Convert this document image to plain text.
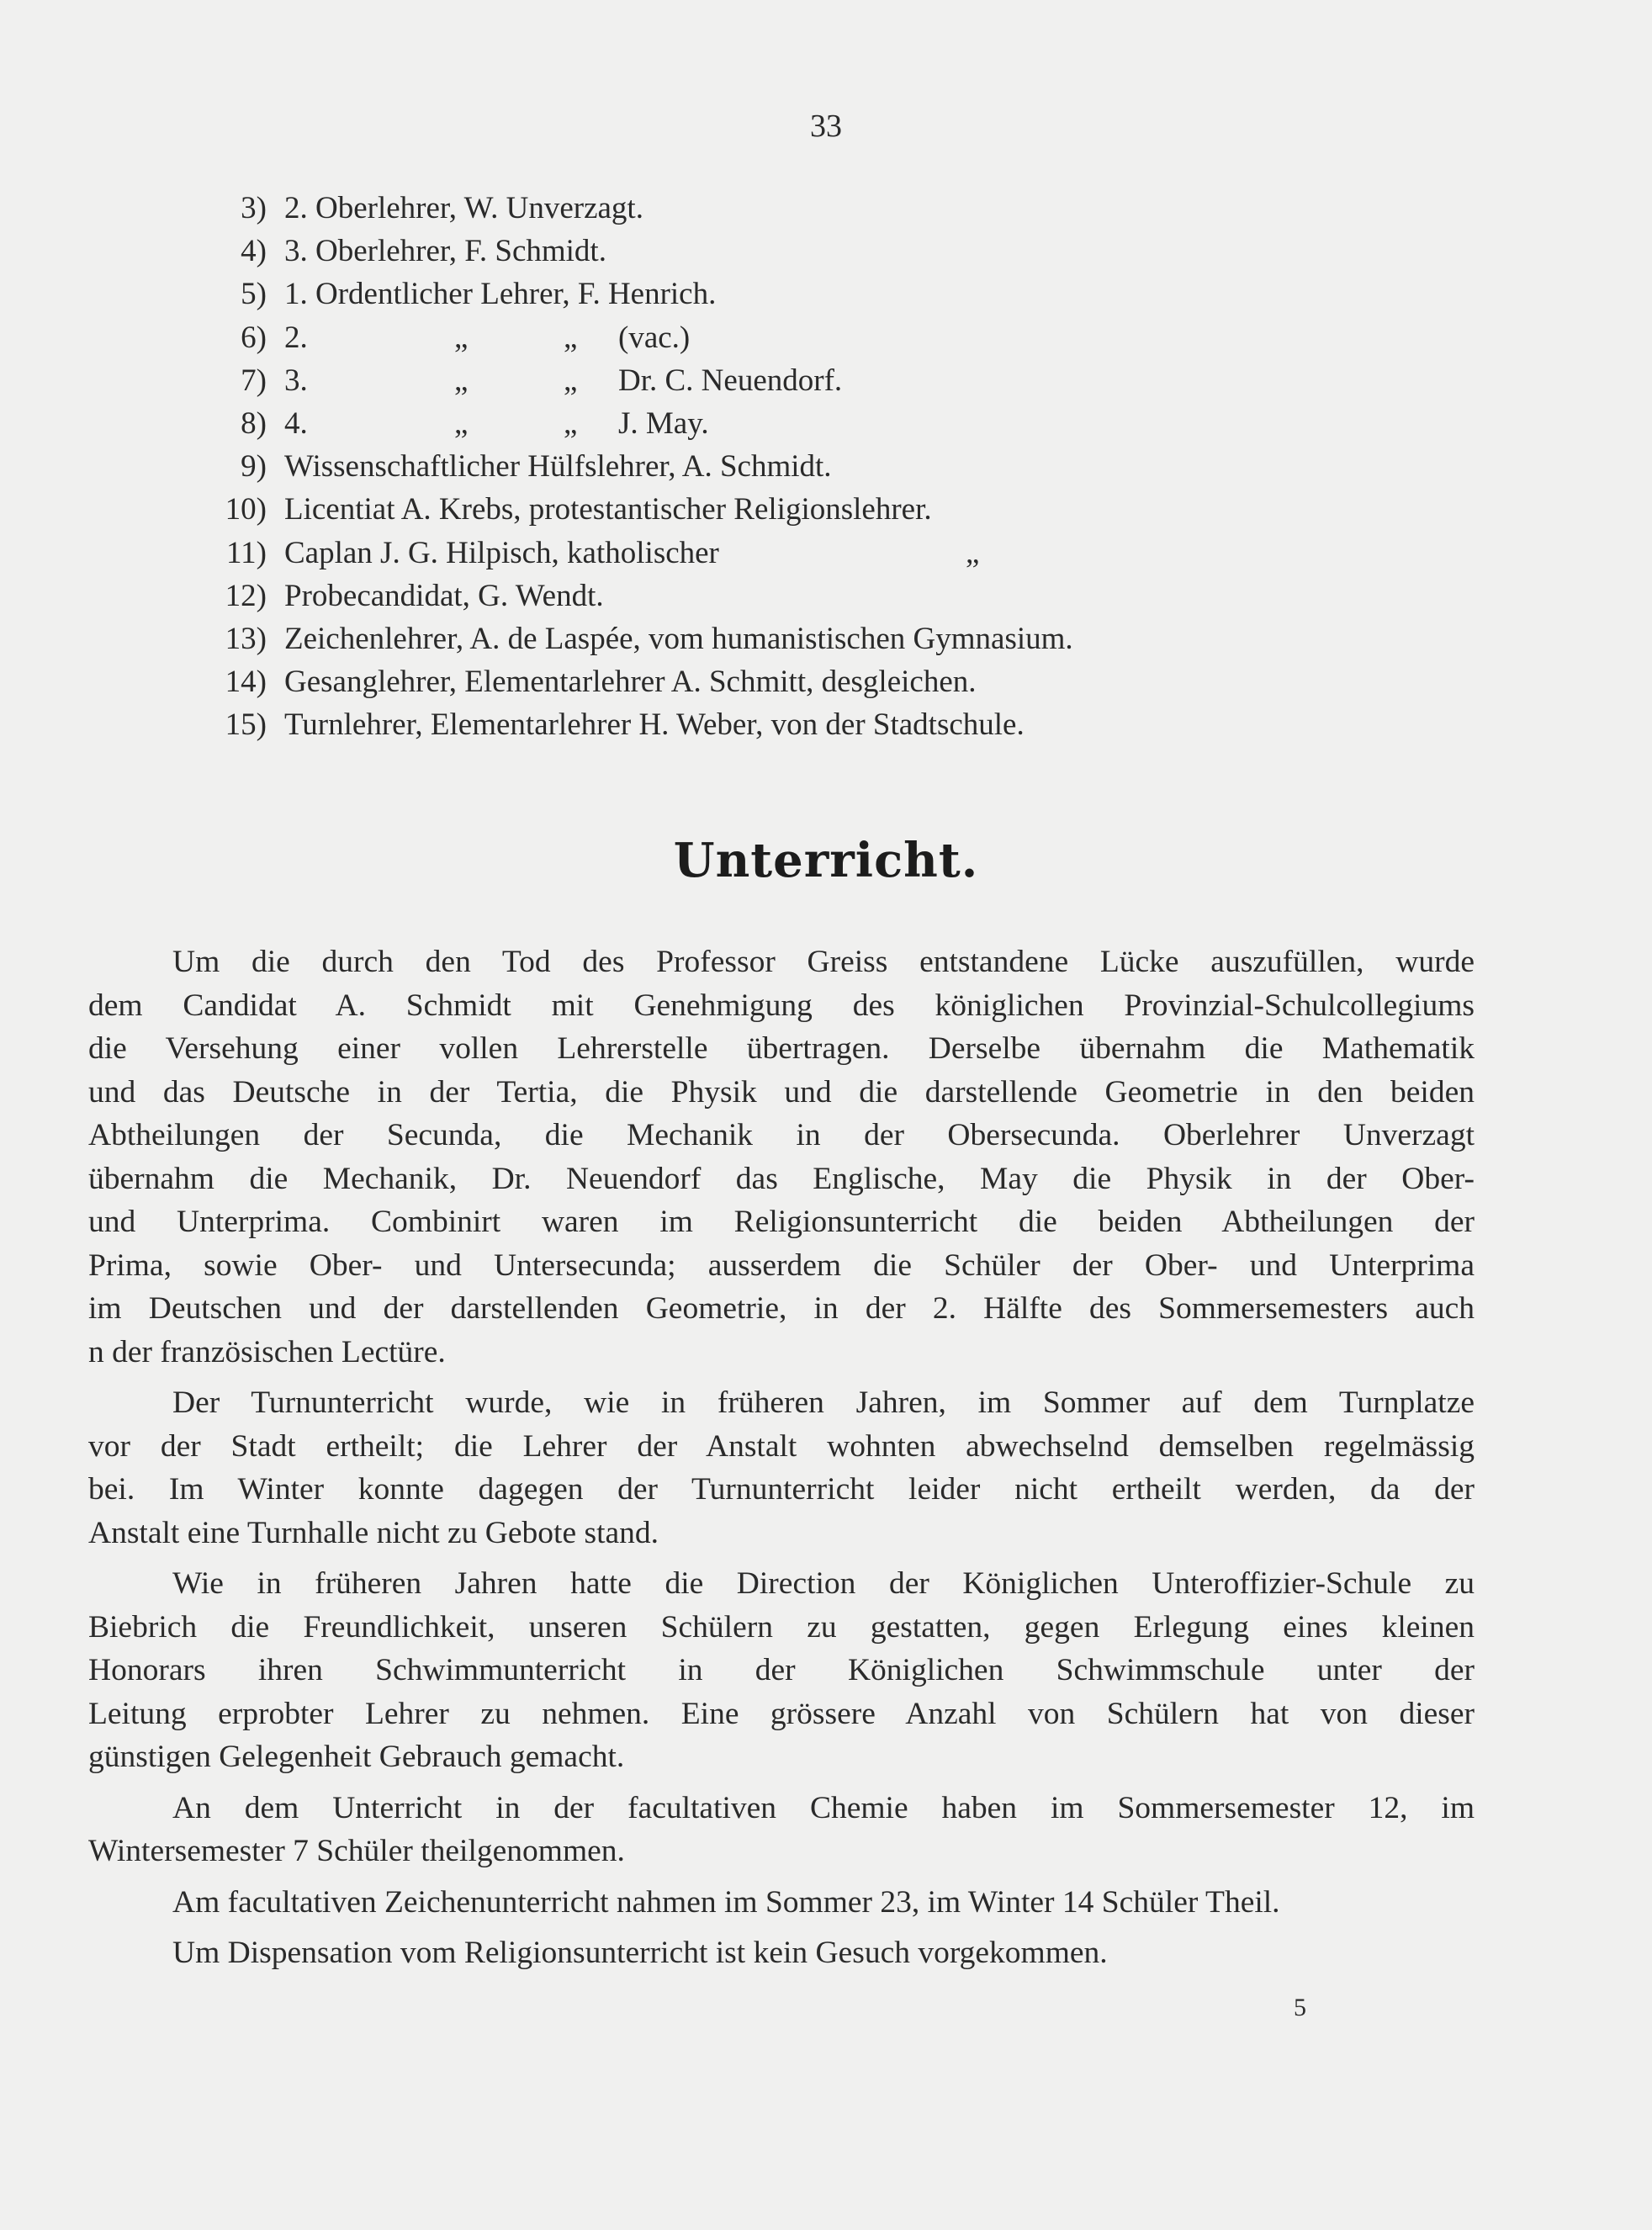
33
3) 2. Oberlehrer, W. Unverzagt.
4) 3. Oberlehrer, F. Schmidt.
5) 1. Ordentlicher Lehrer, F. Henrich.
6) 2.	„	„ (vac.)
7) 3.	„	„ Dr. C. Neuendorf.
8) 4.	„	„ J. May.
9) Wissenschaftlicher Hülfslehrer, A. Schmidt.
10) Licentiat A. Krebs, protestantischer Religionslehrer.
11) Caplan J. G. Hilpisch, katholischer	„
12) Probecandidat, G. Wendt.
13) Zeichenlehrer, A. de Laspée, vom humanistischen Gymnasium.
14) Gesanglehrer, Elementarlehrer A. Schmitt, desgleichen.
15) Turnlehrer, Elementarlehrer H. Weber, von der Stadtschule.
Unterricht.
Um die durch den Tod des Professor Greiss entstandene Lücke auszufüllen, wurde
dem Candidat A. Schmidt mit Genehmigung des königlichen Provinzial-Schulcollegiums
die Versehung einer vollen Lehrerstelle übertragen. Derselbe übernahm die Mathematik
und das Deutsche in der Tertia, die Physik und die darstellende Geometrie in den beiden
Abtheilungen der Secunda, die Mechanik in der Obersecunda. Oberlehrer Unverzagt
übernahm die Mechanik, Dr. Neuendorf das Englische, May die Physik in der Ober-
und Unterprima. Combinirt waren im Religionsunterricht die beiden Abtheilungen der
Prima, sowie Ober- und Untersecunda; ausserdem die Schüler der Ober- und Unterprima
im Deutschen und der darstellenden Geometrie, in der 2. Hälfte des Sommersemesters auch
n der französischen Lectüre.
Der Turnunterricht wurde, wie in früheren Jahren, im Sommer auf dem Turnplatze
vor der Stadt ertheilt; die Lehrer der Anstalt wohnten abwechselnd demselben regelmässig
bei. Im Winter konnte dagegen der Turnunterricht leider nicht ertheilt werden, da der
Anstalt eine Turnhalle nicht zu Gebote stand.
Wie in früheren Jahren hatte die Direction der Königlichen Unteroffizier-Schule zu
Biebrich die Freundlichkeit, unseren Schülern zu gestatten, gegen Erlegung eines kleinen
Honorars ihren Schwimmunterricht in der Königlichen Schwimmschule unter der
Leitung erprobter Lehrer zu nehmen. Eine grössere Anzahl von Schülern hat von dieser
günstigen Gelegenheit Gebrauch gemacht.
An dem Unterricht in der facultativen Chemie haben im Sommersemester 12, im
Wintersemester 7 Schüler theilgenommen.
Am facultativen Zeichenunterricht nahmen im Sommer 23, im Winter 14 Schüler Theil.
Um Dispensation vom Religionsunterricht ist kein Gesuch vorgekommen.
5
